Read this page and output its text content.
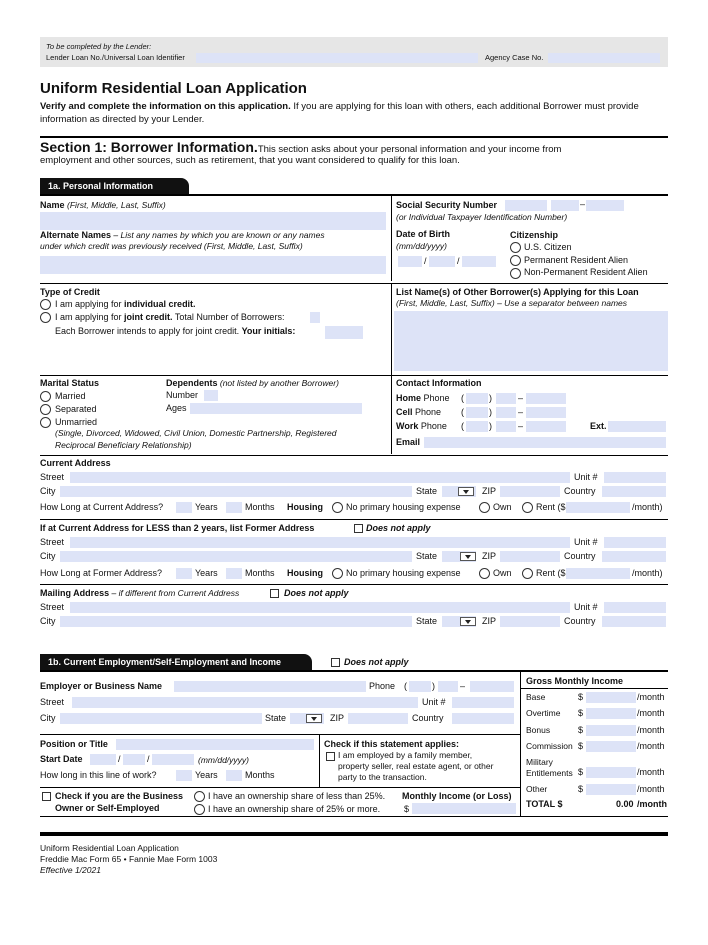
To be completed by the Lender:
Lender Loan No./Universal Loan Identifier	Agency Case No.
Uniform Residential Loan Application
Verify and complete the information on this application. If you are applying for this loan with others, each additional Borrower must provide
information as directed by your Lender.
Section 1: Borrower Information.This section asks about your personal information and your income from
employment and other sources, such as retirement, that you want considered to qualify for this loan.
1a. Personal Information
Name (First, Middle, Last, Suffix)	Social Security Number	–
(or Individual Taxpayer Identification Number)
Alternate Names – List any names by which you are known or any names
under which credit was previously received (First, Middle, Last, Suffix)
Date of Birth
(mm/dd/yyyy)
/	/
Citizenship
U.S. Citizen
Permanent Resident Alien
Non-Permanent Resident Alien
Type of Credit
I am applying for individual credit.
I am applying for joint credit. Total Number of Borrowers:
Each Borrower intends to apply for joint credit. Your initials:
List Name(s) of Other Borrower(s) Applying for this Loan
(First, Middle, Last, Suffix) – Use a separator between names
Marital Status
Married
Separated
Unmarried
(Single, Divorced, Widowed, Civil Union, Domestic Partnership, Registered
Reciprocal Beneficiary Relationship)
Dependents (not listed by another Borrower)
Number
Ages
Contact Information
Home Phone (	)	–
Cell Phone (	)	–
Work Phone (	)	–	Ext.
Email
Current Address
Street	Unit #
City	State	ZIP	Country
How Long at Current Address?	Years	Months Housing	No primary housing expense	Own	Rent ($	/month)
If at Current Address for LESS than 2 years, list Former Address	Does not apply
Street	Unit #
City	State	ZIP	Country
How Long at Former Address?	Years	Months Housing	No primary housing expense	Own	Rent ($	/month)
Mailing Address – if different from Current Address	Does not apply
Street	Unit #
City	State	ZIP	Country
1b. Current Employment/Self-Employment and Income	Does not apply
Employer or Business Name	Phone (	)	–
Street	Unit #
City	State	ZIP	Country
Position or Title
Start Date	/	/	(mm/dd/yyyy)
How long in this line of work?	Years	Months
Check if this statement applies:
I am employed by a family member,
property seller, real estate agent, or other
party to the transaction.
Check if you are the Business
Owner or Self-Employed
I have an ownership share of less than 25%.
I have an ownership share of 25% or more.
Monthly Income (or Loss)
$
Gross Monthly Income
Base	$	/month
Overtime $	/month
Bonus	$	/month
Commission $	/month
Military
Entitlements $	/month
Other	$	/month
TOTAL $	0.00 /month
Uniform Residential Loan Application
Freddie Mac Form 65 • Fannie Mae Form 1003
Effective 1/2021
